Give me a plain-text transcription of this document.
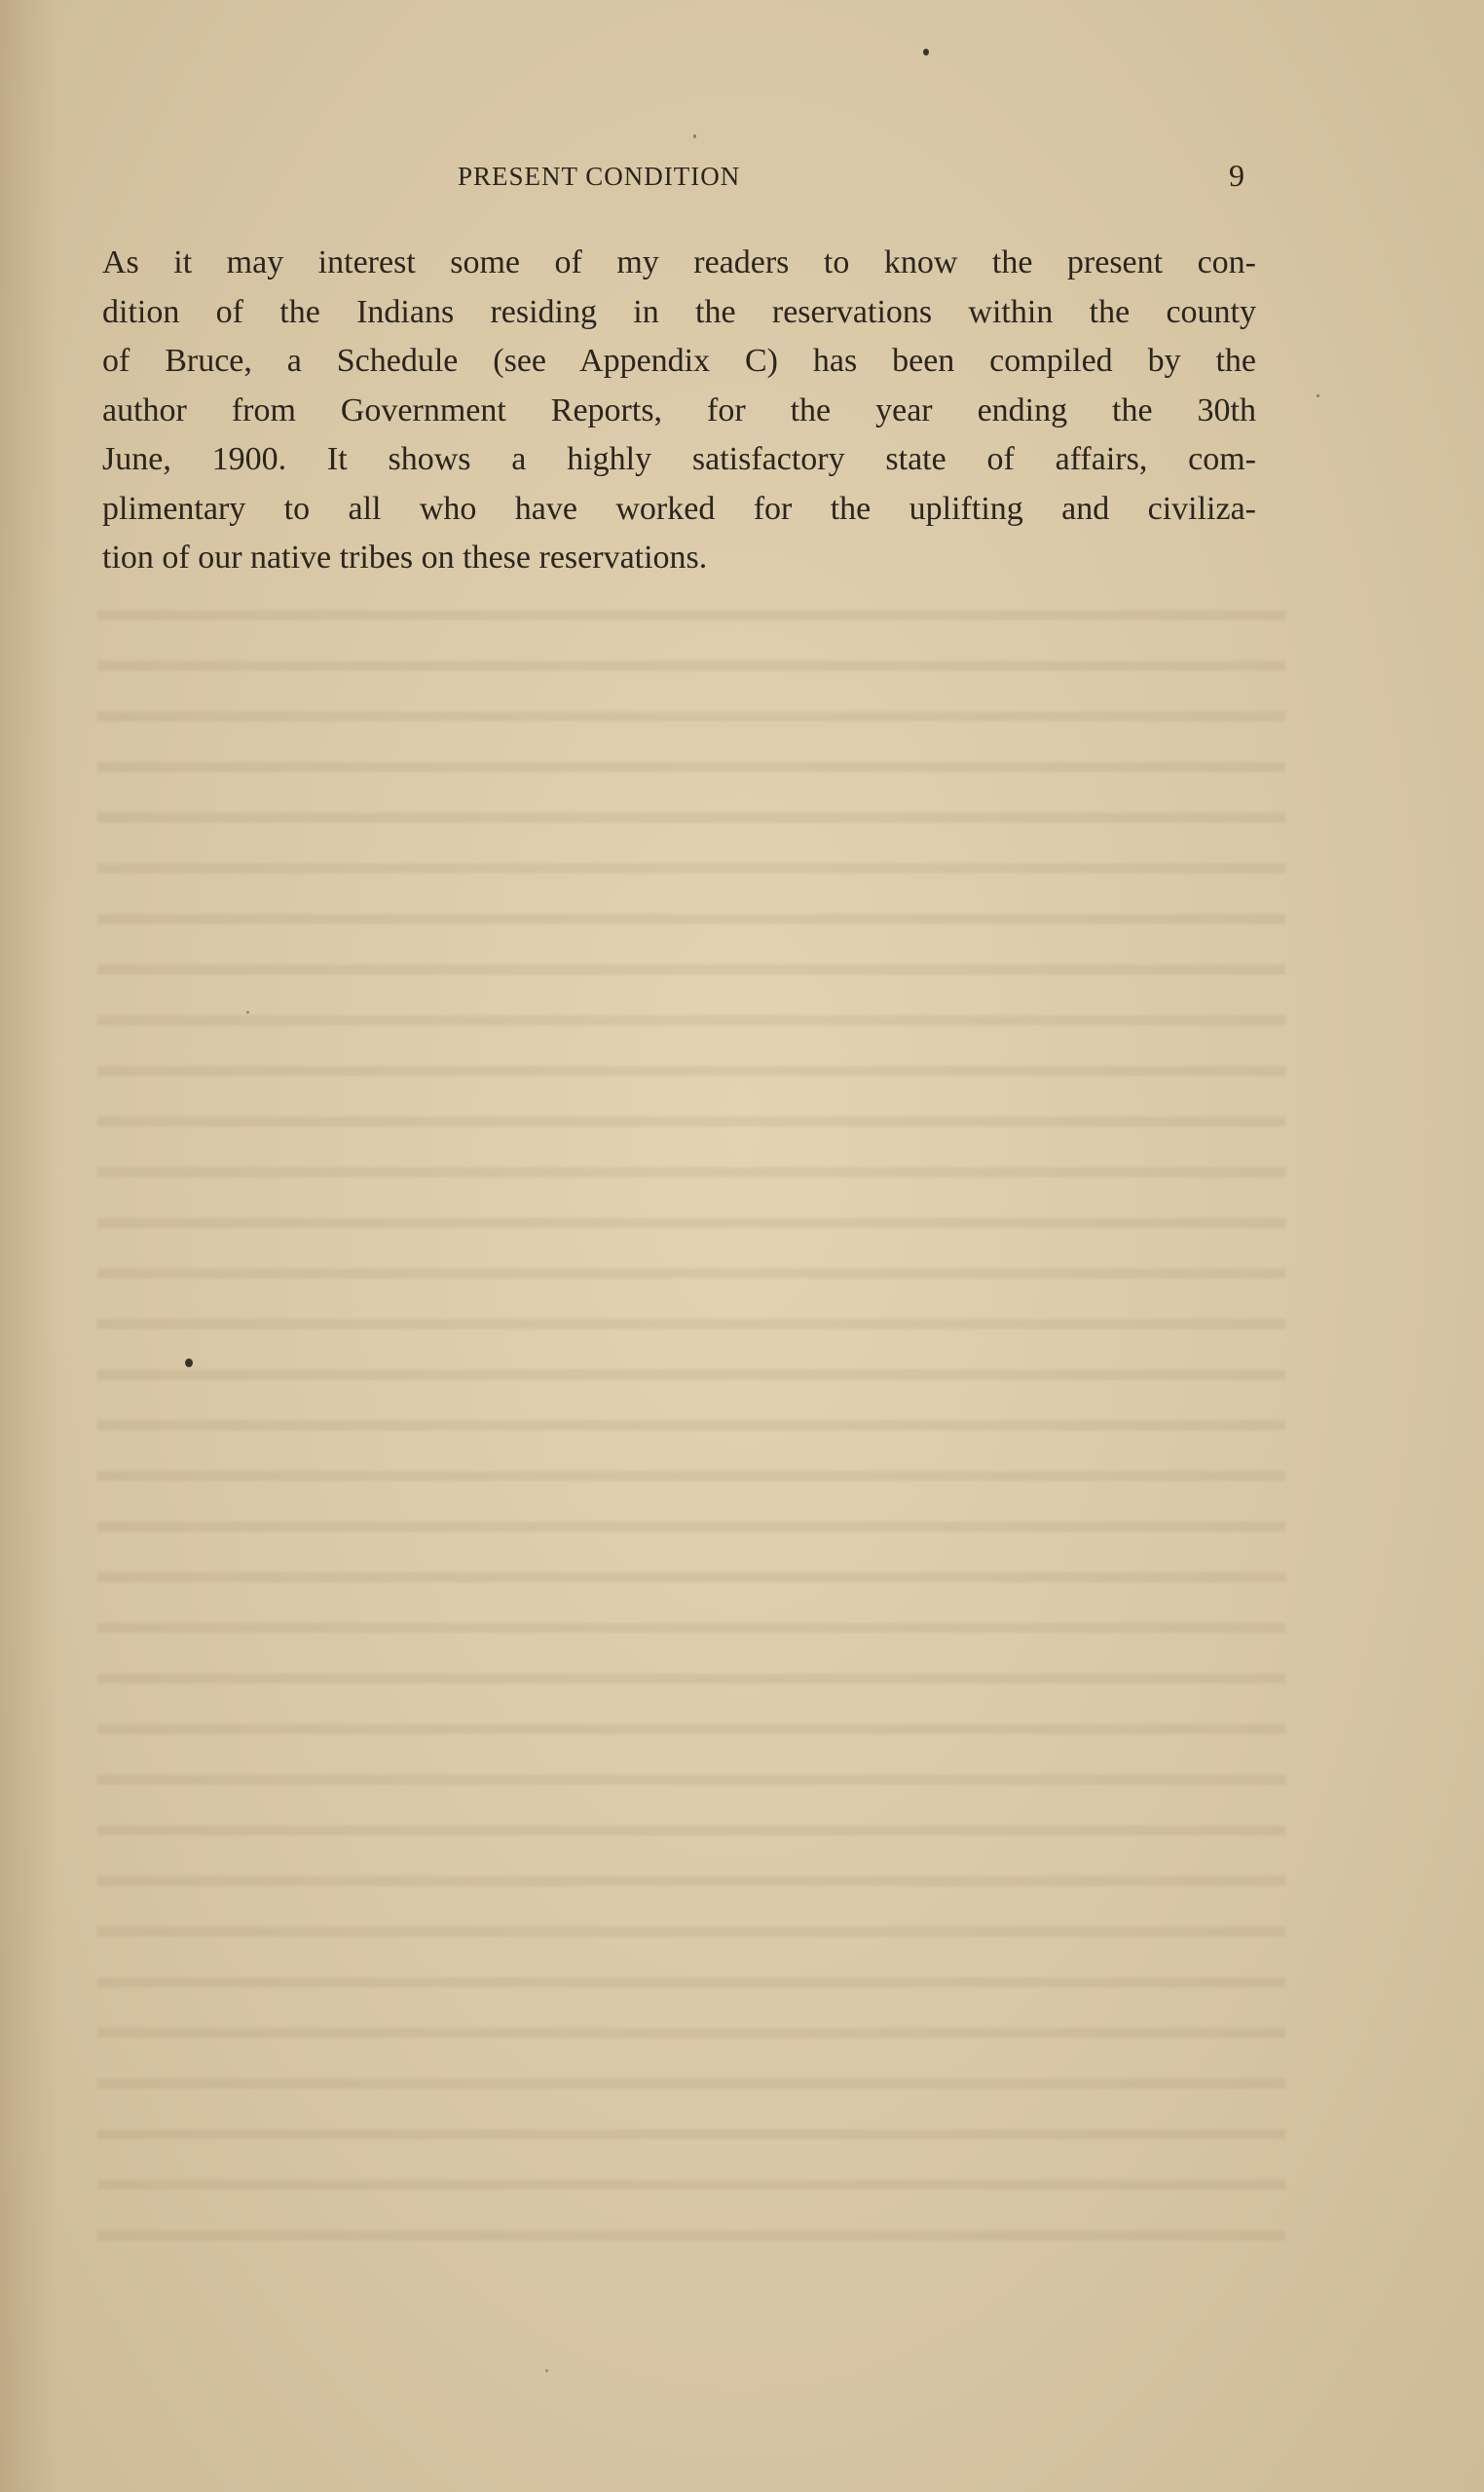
PRESENT CONDITION	9
As it may interest some of my readers to know the present con-
dition of the Indians residing in the reservations within the county
of Bruce, a Schedule (see Appendix C) has been compiled by the
author from Government Reports, for the year ending the 30th
June, 1900. It shows a highly satisfactory state of affairs, com-
plimentary to all who have worked for the uplifting and civiliza-
tion of our native tribes on these reservations.
